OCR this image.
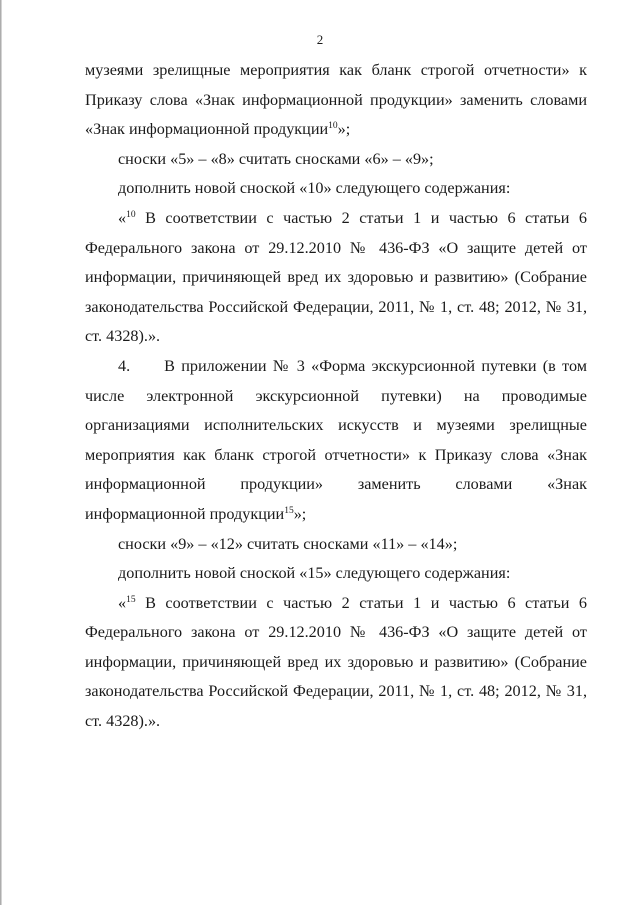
2

музеями зрелищные мероприятия как бланк строгой отчетности» к Приказу слова «Знак информационной продукции» заменить словами «Знак информационной продукции$^{10}$»;

сноски «5» – «8» считать сносками «6» – «9»;

дополнить новой сноской «10» следующего содержания:

«$^{10}$ В соответствии с частью 2 статьи 1 и частью 6 статьи 6 Федерального закона от 29.12.2010 № 436-ФЗ «О защите детей от информации, причиняющей вред их здоровью и развитию» (Собрание законодательства Российской Федерации, 2011, № 1, ст. 48; 2012, № 31, ст. 4328).».

4. В приложении № 3 «Форма экскурсионной путевки (в том числе электронной экскурсионной путевки) на проводимые организациями исполнительских искусств и музеями зрелищные мероприятия как бланк строгой отчетности» к Приказу слова «Знак информационной продукции» заменить словами «Знак информационной продукции$^{15}$»;

сноски «9» – «12» считать сносками «11» – «14»;

дополнить новой сноской «15» следующего содержания:

«$^{15}$ В соответствии с частью 2 статьи 1 и частью 6 статьи 6 Федерального закона от 29.12.2010 № 436-ФЗ «О защите детей от информации, причиняющей вред их здоровью и развитию» (Собрание законодательства Российской Федерации, 2011, № 1, ст. 48; 2012, № 31, ст. 4328).».
